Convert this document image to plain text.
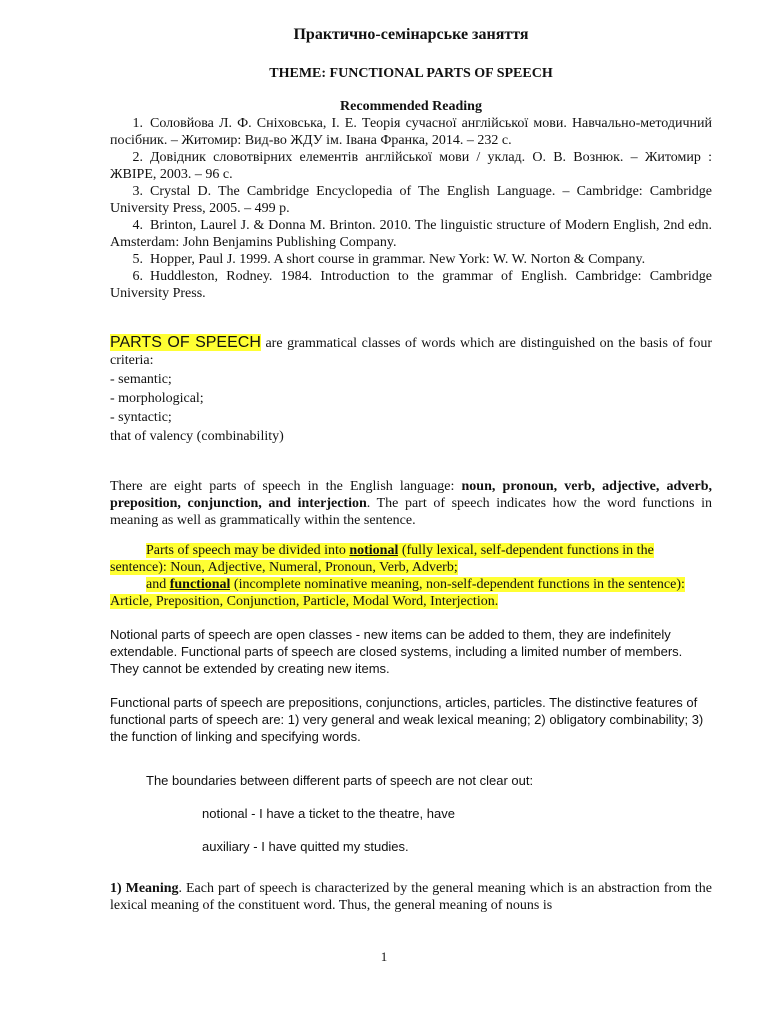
Практично-семінарське заняття
THEME: FUNCTIONAL PARTS OF SPEECH
Recommended Reading
1. Соловйова Л. Ф. Сніховська, І. Е. Теорія сучасної англійської мови. Навчально-методичний посібник. – Житомир: Вид-во ЖДУ ім. Івана Франка, 2014. – 232 с.
2. Довідник словотвірних елементів англійської мови / уклад. О. В. Вознюк. – Житомир : ЖВІРЕ, 2003. – 96 с.
3. Crystal D. The Cambridge Encyclopedia of The English Language. – Cambridge: Cambridge University Press, 2005. – 499 p.
4. Brinton, Laurel J. & Donna M. Brinton. 2010. The linguistic structure of Modern English, 2nd edn. Amsterdam: John Benjamins Publishing Company.
5. Hopper, Paul J. 1999. A short course in grammar. New York: W. W. Norton & Company.
6. Huddleston, Rodney. 1984. Introduction to the grammar of English. Cambridge: Cambridge University Press.

PARTS OF SPEECH are grammatical classes of words which are distinguished on the basis of four criteria:

- semantic;

- morphological;

- syntactic;

that of valency (combinability)

There are eight parts of speech in the English language: noun, pronoun, verb, adjective, adverb, preposition, conjunction, and interjection. The part of speech indicates how the word functions in meaning as well as grammatically within the sentence.

Parts of speech may be divided into notional (fully lexical, self-dependent functions in the sentence): Noun, Adjective, Numeral, Pronoun, Verb, Adverb;
and functional (incomplete nominative meaning, non-self-dependent functions in the sentence): Article, Preposition, Conjunction, Particle, Modal Word, Interjection.

Notional parts of speech are open classes - new items can be added to them, they are indefinitely extendable. Functional parts of speech are closed systems, including a limited number of members. They cannot be extended by creating new items.

Functional parts of speech are prepositions, conjunctions, articles, particles. The distinctive features of functional parts of speech are: 1) very general and weak lexical meaning; 2) obligatory combinability; 3) the function of linking and specifying words.

The boundaries between different parts of speech are not clear out:

notional - I have a ticket to the theatre, have

auxiliary - I have quitted my studies.

1) Meaning. Each part of speech is characterized by the general meaning which is an abstraction from the lexical meaning of the constituent word. Thus, the general meaning of nouns is

1
